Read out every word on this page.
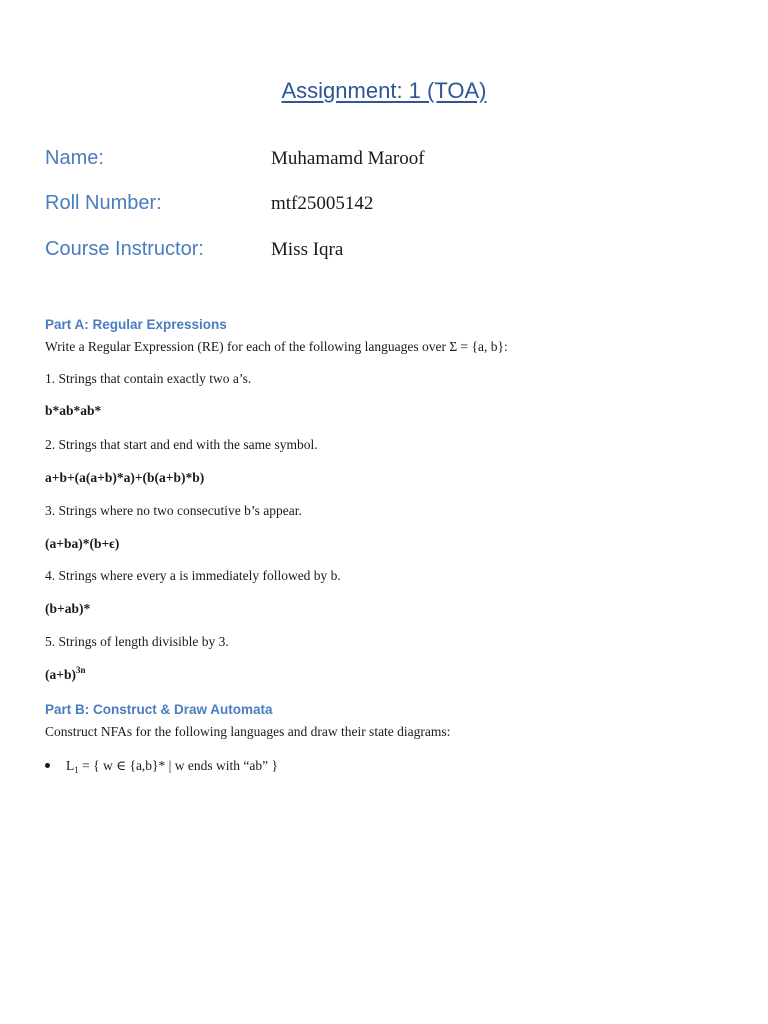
Assignment: 1 (TOA)
Name:	Muhamamd Maroof
Roll Number:	mtf25005142
Course Instructor:	Miss Iqra
Part A: Regular Expressions
Write a Regular Expression (RE) for each of the following languages over Σ = {a, b}:
1. Strings that contain exactly two a’s.
b*ab*ab*
2. Strings that start and end with the same symbol.
a+b+(a(a+b)*a)+(b(a+b)*b)
3. Strings where no two consecutive b’s appear.
(a+ba)*(b+ϵ)
4. Strings where every a is immediately followed by b.
(b+ab)*
5. Strings of length divisible by 3.
$(a+b)^{3n}$
Part B: Construct & Draw Automata
Construct NFAs for the following languages and draw their state diagrams:
$L_1$ = { w ∈ {a,b}* | w ends with “ab” }
